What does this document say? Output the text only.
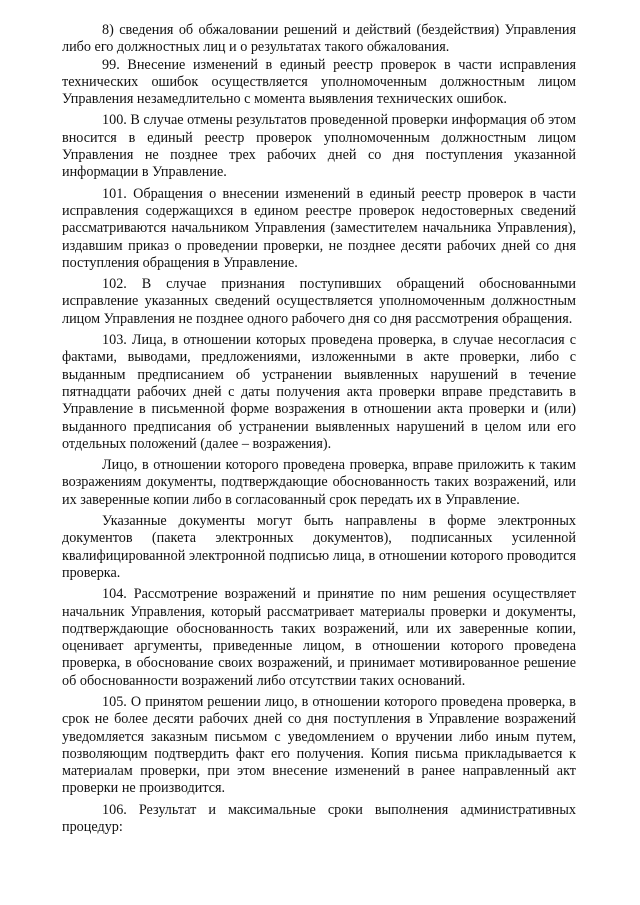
8) сведения об обжаловании решений и действий (бездействия) Управления либо его должностных лиц и о результатах такого обжалования.

99. Внесение изменений в единый реестр проверок в части исправления технических ошибок осуществляется уполномоченным должностным лицом Управления незамедлительно с момента выявления технических ошибок.

100. В случае отмены результатов проведенной проверки информация об этом вносится в единый реестр проверок уполномоченным должностным лицом Управления не позднее трех рабочих дней со дня поступления указанной информации в Управление.

101. Обращения о внесении изменений в единый реестр проверок в части исправления содержащихся в едином реестре проверок недостоверных сведений рассматриваются начальником Управления (заместителем начальника Управления), издавшим приказ о проведении проверки, не позднее десяти рабочих дней со дня поступления обращения в Управление.

102. В случае признания поступивших обращений обоснованными исправление указанных сведений осуществляется уполномоченным должностным лицом Управления не позднее одного рабочего дня со дня рассмотрения обращения.

103. Лица, в отношении которых проведена проверка, в случае несогласия с фактами, выводами, предложениями, изложенными в акте проверки, либо с выданным предписанием об устранении выявленных нарушений в течение пятнадцати рабочих дней с даты получения акта проверки вправе представить в Управление в письменной форме возражения в отношении акта проверки и (или) выданного предписания об устранении выявленных нарушений в целом или его отдельных положений (далее – возражения).

Лицо, в отношении которого проведена проверка, вправе приложить к таким возражениям документы, подтверждающие обоснованность таких возражений, или их заверенные копии либо в согласованный срок передать их в Управление.

Указанные документы могут быть направлены в форме электронных документов (пакета электронных документов), подписанных усиленной квалифицированной электронной подписью лица, в отношении которого проводится проверка.

104. Рассмотрение возражений и принятие по ним решения осуществляет начальник Управления, который рассматривает материалы проверки и документы, подтверждающие обоснованность таких возражений, или их заверенные копии, оценивает аргументы, приведенные лицом, в отношении которого проведена проверка, в обоснование своих возражений, и принимает мотивированное решение об обоснованности возражений либо отсутствии таких оснований.

105. О принятом решении лицо, в отношении которого проведена проверка, в срок не более десяти рабочих дней со дня поступления в Управление возражений уведомляется заказным письмом с уведомлением о вручении либо иным путем, позволяющим подтвердить факт его получения. Копия письма прикладывается к материалам проверки, при этом внесение изменений в ранее направленный акт проверки не производится.

106. Результат и максимальные сроки выполнения административных процедур:
